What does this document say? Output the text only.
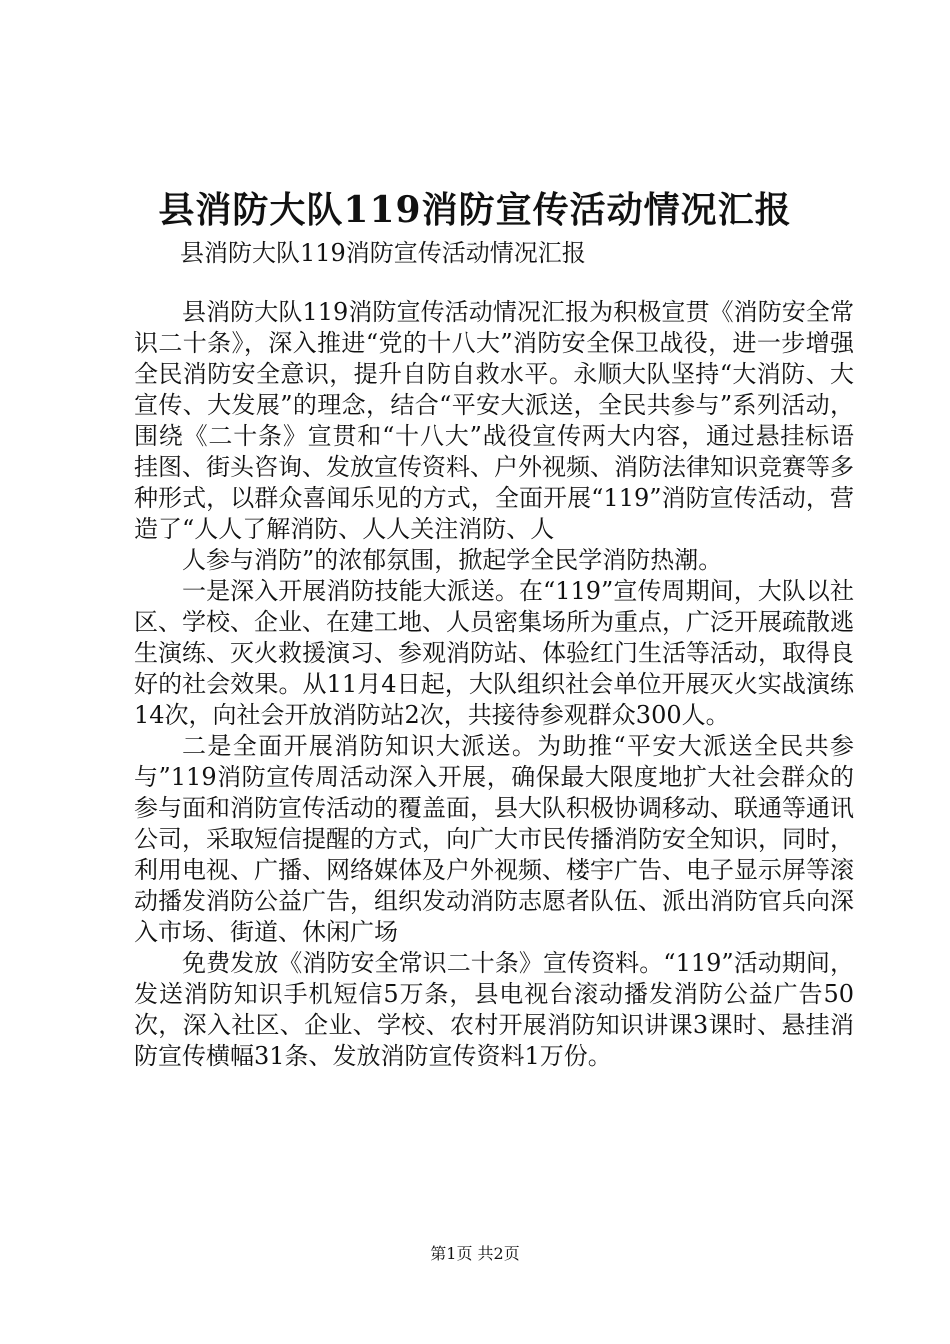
县消防大队119消防宣传活动情况汇报
县消防大队119消防宣传活动情况汇报

县消防大队119消防宣传活动情况汇报为积极宣贯《消防安全常识二十条》，深入推进“党的十八大”消防安全保卫战役，进一步增强全民消防安全意识，提升自防自救水平。永顺大队坚持“大消防、大宣传、大发展”的理念，结合“平安大派送，全民共参与”系列活动，围绕《二十条》宣贯和“十八大”战役宣传两大内容，通过悬挂标语挂图、街头咨询、发放宣传资料、户外视频、消防法律知识竞赛等多种形式，以群众喜闻乐见的方式，全面开展“119”消防宣传活动，营造了“人人了解消防、人人关注消防、人

人参与消防”的浓郁氛围，掀起学全民学消防热潮。

一是深入开展消防技能大派送。在“119”宣传周期间，大队以社区、学校、企业、在建工地、人员密集场所为重点，广泛开展疏散逃生演练、灭火救援演习、参观消防站、体验红门生活等活动，取得良好的社会效果。从11月4日起，大队组织社会单位开展灭火实战演练14次，向社会开放消防站2次，共接待参观群众300人。

二是全面开展消防知识大派送。为助推“平安大派送全民共参与”119消防宣传周活动深入开展，确保最大限度地扩大社会群众的参与面和消防宣传活动的覆盖面，县大队积极协调移动、联通等通讯公司，采取短信提醒的方式，向广大市民传播消防安全知识，同时，利用电视、广播、网络媒体及户外视频、楼宇广告、电子显示屏等滚动播发消防公益广告，组织发动消防志愿者队伍、派出消防官兵向深入市场、街道、休闲广场

免费发放《消防安全常识二十条》宣传资料。“119”活动期间，发送消防知识手机短信5万条，县电视台滚动播发消防公益广告50次，深入社区、企业、学校、农村开展消防知识讲课3课时、悬挂消防宣传横幅31条、发放消防宣传资料1万份。

第1页 共2页
